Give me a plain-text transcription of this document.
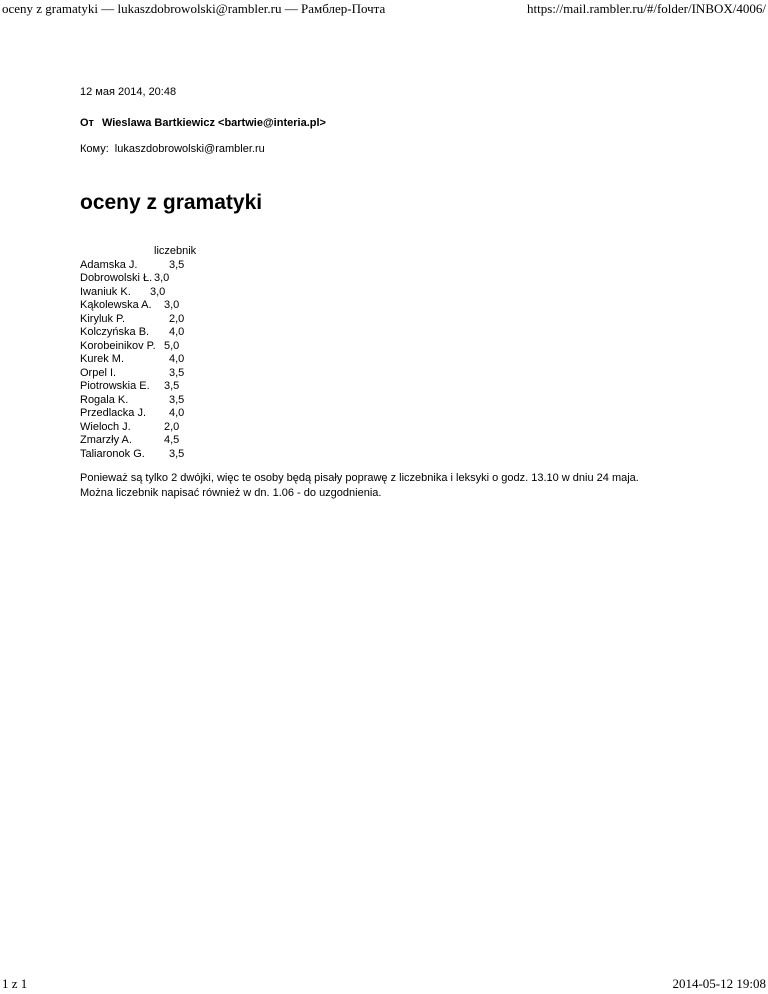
oceny z gramatyki — lukaszdobrowolski@rambler.ru — Рамблер-Почта	https://mail.rambler.ru/#/folder/INBOX/4006/
12 мая 2014, 20:48
От Wieslawa Bartkiewicz <bartwie@interia.pl>
Кому: lukaszdobrowolski@rambler.ru
oceny z gramatyki
liczebnik
Adamska J.	3,5
Dobrowolski Ł. 3,0
Iwaniuk K. 3,0
Kąkolewska A. 3,0
Kiryluk P.	2,0
Kolczyńska B. 4,0
Korobeinikov P. 5,0
Kurek M.	4,0
Orpel I.	3,5
Piotrowskia E. 3,5
Rogala K.	3,5
Przedlacka J. 4,0
Wieloch J.	2,0
Zmarzły A.	4,5
Taliaronok G. 3,5

Ponieważ są tylko 2 dwójki, więc te osoby będą pisały poprawę z liczebnika i leksyki o godz. 13.10 w dniu 24 maja.

Można liczebnik napisać również w dn. 1.06 - do uzgodnienia.

1 z 1	2014-05-12 19:08
